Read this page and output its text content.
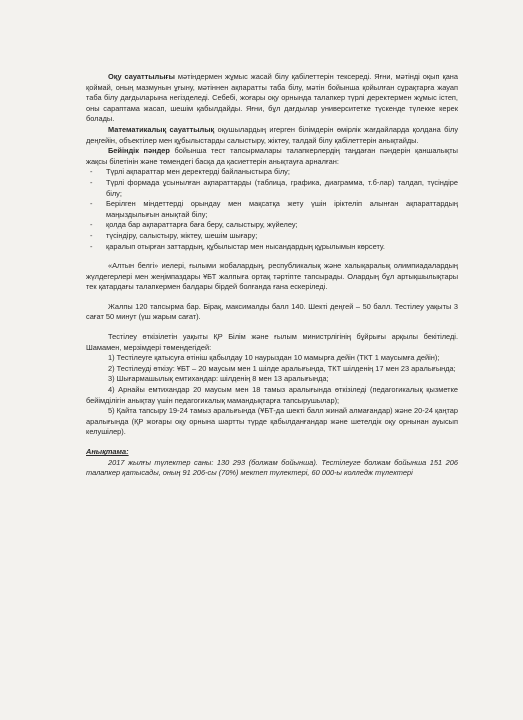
Оқу сауаттылығы мәтіндермен жұмыс жасай білу қабілеттерін тексереді. Яғни, мәтінді оқып қана қоймай, оның мазмунын ұғыну, мәтіннен ақпаратты таба білу, мәтін бойынша қойылған сұрақтарға жауап таба білу дағдыларына негізделеді. Себебі, жоғары оқу орнында талапкер түрлі деректермен жұмыс істеп, оны сараптама жасап, шешім қабылдайды. Яғни, бұл дағдылар университетке түскенде түлекке керек болады.

Математикалық сауаттылық оқушылардың игерген білімдерін өмірлік жағдайларда қолдана білу деңгейін, объектілер мен құбылыстарды салыстыру, жіктеу, талдай білу қабілеттерін анықтайды.

Бейіндік пәндер бойынша тест тапсырмалары талапкерлердің таңдаған пәндерін қаншалықты жақсы білетінін және төмендегі басқа да қасиеттерін анықтауға арналған:

- Түрлі ақпараттар мен деректерді байланыстыра білу;
- Түрлі формада ұсынылған ақпараттарды (таблица, графика, диаграмма, т.б-лар) талдап, түсіндіре білу;
- Берілген міндеттерді орындау мен мақсатқа жету үшін іріктеліп алынған ақпараттардың маңыздылығын анықтай білу;
- қолда бар ақпараттарға баға беру, салыстыру, жүйелеу;
- түсіндіру, салыстыру, жіктеу, шешім шығару;
- қаралып отырған заттардың, құбылыстар мен нысандардың құрылымын көрсету.

«Алтын белгі» иелері, ғылыми жобалардың, республикалық және халықаралық олимпиадалардың жүлдегерлері мен жеңімпаздары ҰБТ жалпыға ортақ тәртіпте тапсырады. Олардың бұл артықшылықтары тек қатардағы талапкермен балдары бірдей болғанда ғана ескеріледі.

Жалпы 120 тапсырма бар. Бірақ, максималды балл 140. Шекті деңгей – 50 балл. Тестілеу уақыты 3 сағат 50 минут (үш жарым сағат).

Тестілеу өткізілетін уақыты ҚР Білім және ғылым министрлігінің бұйрығы арқылы бекітіледі. Шамамен, мерзімдері төмендегідей:

1) Тестілеуге қатысуға өтініш қабылдау 10 наурыздан 10 мамырға дейін (ТКТ 1 маусымға дейін);

2) Тестілеуді өткізу: ҰБТ – 20 маусым мен 1 шілде аралығында, ТКТ шілденің 17 мен 23 аралығында;

3) Шығармашылық емтихандар: шілденің 8 мен 13 аралығында;

4) Арнайы емтихандар 20 маусым мен 18 тамыз аралығында өткізіледі (педагогикалық қызметке бейімділігін анықтау үшін педагогикалық мамандықтарға тапсырушылар);

5) Қайта тапсыру 19-24 тамыз аралығында (ҰБТ-да шекті балл жинай алмағандар) және 20-24 қаңтар аралығында (ҚР жоғары оқу орнына шартты түрде қабылданғандар және шетелдік оқу орнынан ауысып келушілер).

Анықтама:

2017 жылғы түлектер саны: 130 293 (болжам бойынша). Тестілеуге болжам бойынша 151 206 талапкер қатысады, оның 91 206-сы (70%) мектеп түлектері, 60 000-ы колледж түлектері
